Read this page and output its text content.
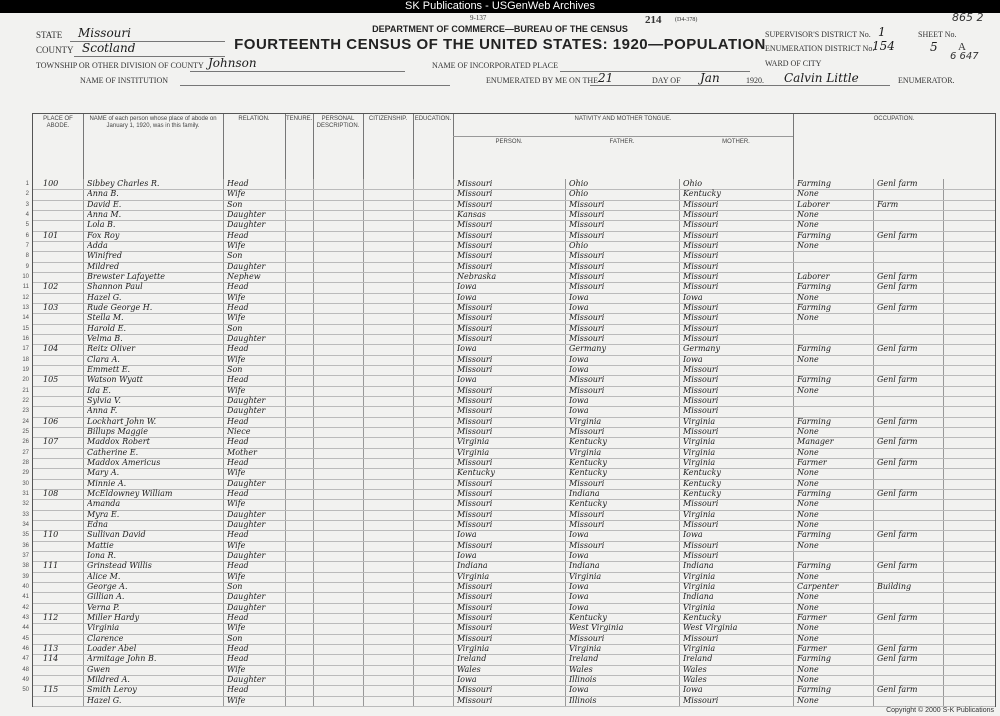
SK Publications - USGenWeb Archives
865 2
6 647
9-137	214 (D4-378)
DEPARTMENT OF COMMERCE—BUREAU OF THE CENSUS
FOURTEENTH CENSUS OF THE UNITED STATES: 1920—POPULATION
STATE Missouri
COUNTY Scotland
TOWNSHIP OR OTHER DIVISION OF COUNTY Johnson
NAME OF INSTITUTION
NAME OF INCORPORATED PLACE
ENUMERATED BY ME ON THE 21	DAY OF Jan	1920. Calvin Little	ENUMERATOR.
SUPERVISOR'S DISTRICT No. 1
ENUMERATION DISTRICT No.
154
WARD OF CITY
SHEET No.
5 A
PLACE OF ABODE.
NAME of each person whose place of abode on January 1, 1920, was in this family.
RELATION.	TENURE.	PERSONAL DESCRIPTION.
CITIZENSHIP.	EDUCATION.	NATIVITY AND MOTHER TONGUE.
PERSON.	FATHER.	MOTHER.
OCCUPATION.
1 100	Sibbey Charles R.	Head	Missouri	Ohio	Ohio	Farming	Genl farm
2	Anna B.	Wife	Missouri	Ohio	Kentucky	None
3	David E.	Son	Missouri	Missouri	Missouri	Laborer	Farm
4	Anna M.	Daughter	Kansas	Missouri	Missouri	None
5	Lola B.	Daughter	Missouri	Missouri	Missouri	None
6 101	Fox Roy	Head	Missouri	Missouri	Missouri	Farming	Genl farm
7	Adda	Wife	Missouri	Ohio	Missouri	None
8	Winifred	Son	Missouri	Missouri	Missouri
9	Mildred	Daughter	Missouri	Missouri	Missouri
10	Brewster Lafayette	Nephew	Nebraska	Missouri	Missouri	Laborer	Genl farm
11 102	Shannon Paul	Head	Iowa	Missouri	Missouri	Farming	Genl farm
12	Hazel G.	Wife	Iowa	Iowa	Iowa	None
13 103	Rude George H.	Head	Missouri	Iowa	Missouri	Farming	Genl farm
14	Stella M.	Wife	Missouri	Missouri	Missouri	None
15	Harold E.	Son	Missouri	Missouri	Missouri
16	Velma B.	Daughter	Missouri	Missouri	Missouri
17 104	Reitz Oliver	Head	Iowa	Germany	Germany	Farming	Genl farm
18	Clara A.	Wife	Missouri	Iowa	Iowa	None
19	Emmett E.	Son	Missouri	Iowa	Missouri
20 105	Watson Wyatt	Head	Iowa	Missouri	Missouri	Farming	Genl farm
21	Ida E.	Wife	Missouri	Missouri	Missouri	None
22	Sylvia V.	Daughter	Missouri	Iowa	Missouri
23	Anna F.	Daughter	Missouri	Iowa	Missouri
24 106	Lockhart John W.	Head	Missouri	Virginia	Virginia	Farming	Genl farm
25	Billups Maggie	Niece	Missouri	Missouri	Missouri	None
26 107	Maddox Robert	Head	Virginia	Kentucky	Virginia	Manager	Genl farm
27	Catherine E.	Mother	Virginia	Virginia	Virginia	None
28	Maddox Americus	Head	Missouri	Kentucky	Virginia	Farmer	Genl farm
29	Mary A.	Wife	Kentucky	Kentucky	Kentucky	None
30	Minnie A.	Daughter	Missouri	Missouri	Kentucky	None
31 108	McEldowney William	Head	Missouri	Indiana	Kentucky	Farming	Genl farm
32	Amanda	Wife	Missouri	Kentucky	Missouri	None
33	Myra E.	Daughter	Missouri	Missouri	Virginia	None
34	Edna	Daughter	Missouri	Missouri	Missouri	None
35 110	Sullivan David	Head	Iowa	Iowa	Iowa	Farming	Genl farm
36	Mattie	Wife	Missouri	Missouri	Missouri	None
37	Iona R.	Daughter	Iowa	Iowa	Missouri
38 111	Grinstead Willis	Head	Indiana	Indiana	Indiana	Farming	Genl farm
39	Alice M.	Wife	Virginia	Virginia	Virginia	None
40	George A.	Son	Missouri	Iowa	Virginia	Carpenter	Building
41	Gillian A.	Daughter	Missouri	Iowa	Indiana	None
42	Verna P.	Daughter	Missouri	Iowa	Virginia	None
43 112	Miller Hardy	Head	Missouri	Kentucky	Kentucky	Farmer	Genl farm
44	Virginia	Wife	Missouri	West Virginia	West Virginia	None
45	Clarence	Son	Missouri	Missouri	Missouri	None
46 113	Loader Abel	Head	Virginia	Virginia	Virginia	Farmer	Genl farm
47 114	Armitage John B.	Head	Ireland	Ireland	Ireland	Farming	Genl farm
48	Gwen	Wife	Wales	Wales	Wales	None
49	Mildred A.	Daughter	Iowa	Illinois	Wales	None
50 115	Smith Leroy	Head	Missouri	Iowa	Iowa	Farming	Genl farm
Hazel G.	Wife	Missouri	Illinois	Missouri	None
Copyright © 2000 S-K Publications
